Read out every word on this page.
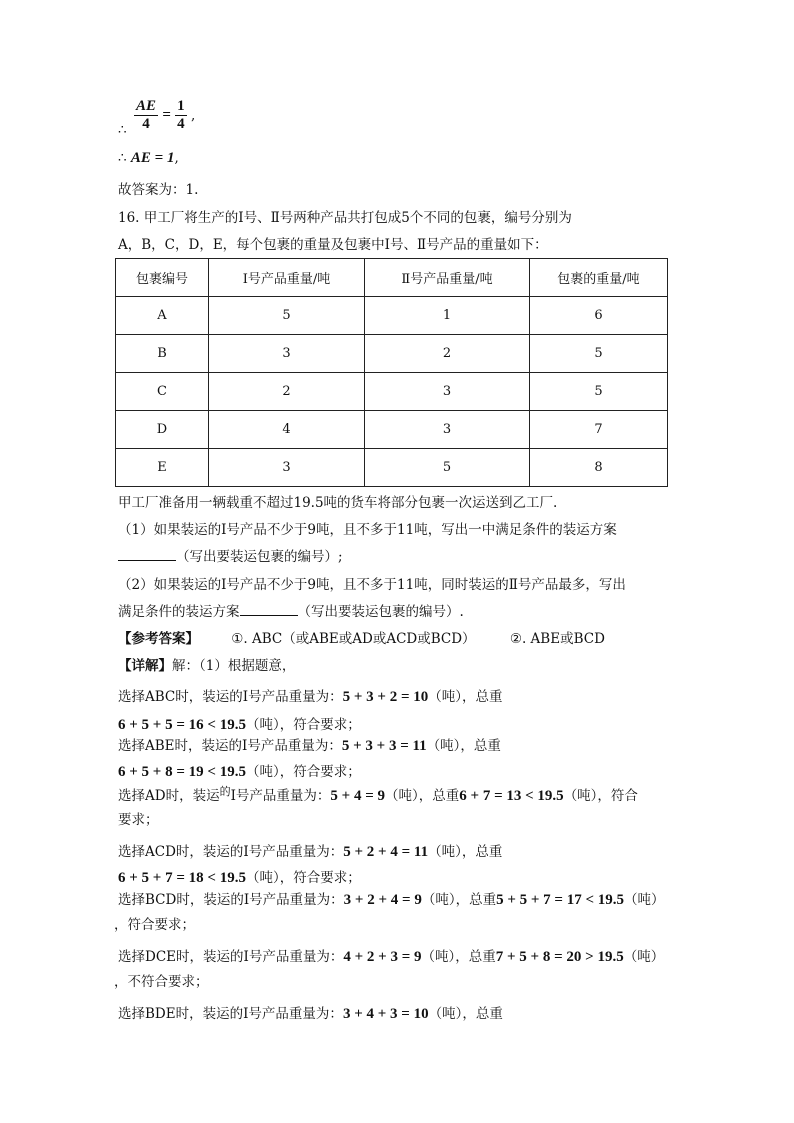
∴ $\frac{AE}{4} = \frac{1}{4}$ ,
∴ AE = 1,
故答案为：1.
16. 甲工厂将生产的Ⅰ号、Ⅱ号两种产品共打包成5个不同的包裹，编号分别为
A，B，C，D，E，每个包裹的重量及包裹中Ⅰ号、Ⅱ号产品的重量如下：
包裹编号	Ⅰ号产品重量/吨	Ⅱ号产品重量/吨	包裹的重量/吨
A	5	1	6
B	3	2	5
C	2	3	5
D	4	3	7
E	3	5	8
甲工厂准备用一辆载重不超过19.5吨的货车将部分包裹一次运送到乙工厂.
（1）如果装运的Ⅰ号产品不少于9吨，且不多于11吨，写出一中满足条件的装运方案
（写出要装运包裹的编号）;
（2）如果装运的Ⅰ号产品不少于9吨，且不多于11吨，同时装运的Ⅱ号产品最多，写出
满足条件的装运方案	（写出要装运包裹的编号）.
【参考答案】 ①. ABC（或ABE或AD或ACD或BCD）	②. ABE或BCD
【详解】解：（1）根据题意，
选择ABC时，装运的Ⅰ号产品重量为：5 + 3 + 2 = 10（吨），总重
6 + 5 + 5 = 16 < 19.5（吨），符合要求；
选择ABE时，装运的Ⅰ号产品重量为：5 + 3 + 3 = 11（吨），总重
6 + 5 + 8 = 19 < 19.5（吨），符合要求；
选择AD时，装运$^的$Ⅰ号产品重量为：5 + 4 = 9（吨），总重6 + 7 = 13 < 19.5（吨），符合
要求；
选择ACD时，装运的Ⅰ号产品重量为：5 + 2 + 4 = 11（吨），总重
6 + 5 + 7 = 18 < 19.5（吨），符合要求；
选择BCD时，装运的Ⅰ号产品重量为：3 + 2 + 4 = 9（吨），总重5 + 5 + 7 = 17 < 19.5（吨）
，符合要求；
选择DCE时，装运的Ⅰ号产品重量为：4 + 2 + 3 = 9（吨），总重7 + 5 + 8 = 20 > 19.5（吨）
，不符合要求；
选择BDE时，装运的Ⅰ号产品重量为：3 + 4 + 3 = 10（吨），总重
